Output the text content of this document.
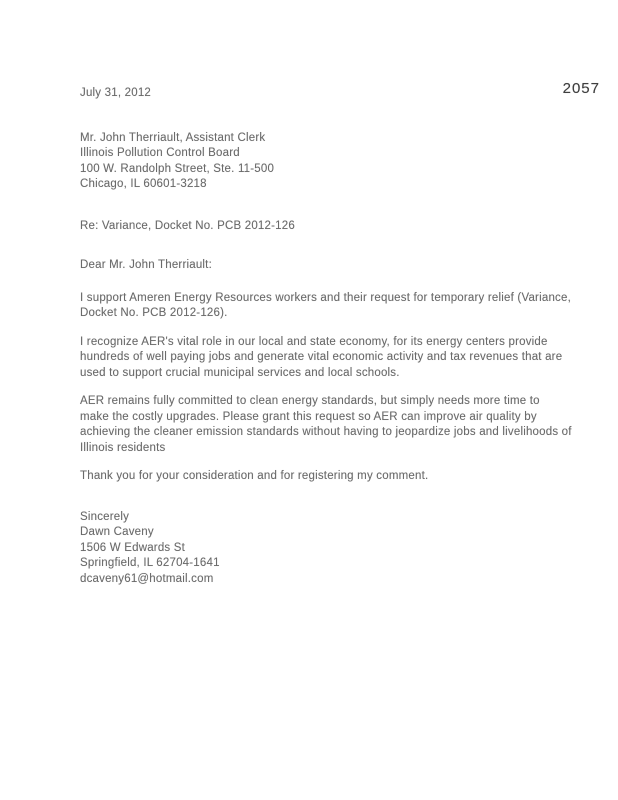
2057
July 31, 2012
Mr. John Therriault, Assistant Clerk
Illinois Pollution Control Board
100 W. Randolph Street, Ste. 11-500
Chicago, IL 60601-3218
Re: Variance, Docket No. PCB 2012-126
Dear Mr. John Therriault:
I support Ameren Energy Resources workers and their request for temporary relief (Variance, Docket No. PCB 2012-126).
I recognize AER's vital role in our local and state economy, for its energy centers provide hundreds of well paying jobs and generate vital economic activity and tax revenues that are used to support crucial municipal services and local schools.
AER remains fully committed to clean energy standards, but simply needs more time to make the costly upgrades. Please grant this request so AER can improve air quality by achieving the cleaner emission standards without having to jeopardize jobs and livelihoods of Illinois residents
Thank you for your consideration and for registering my comment.
Sincerely
Dawn Caveny
1506 W Edwards St
Springfield, IL 62704-1641
dcaveny61@hotmail.com
